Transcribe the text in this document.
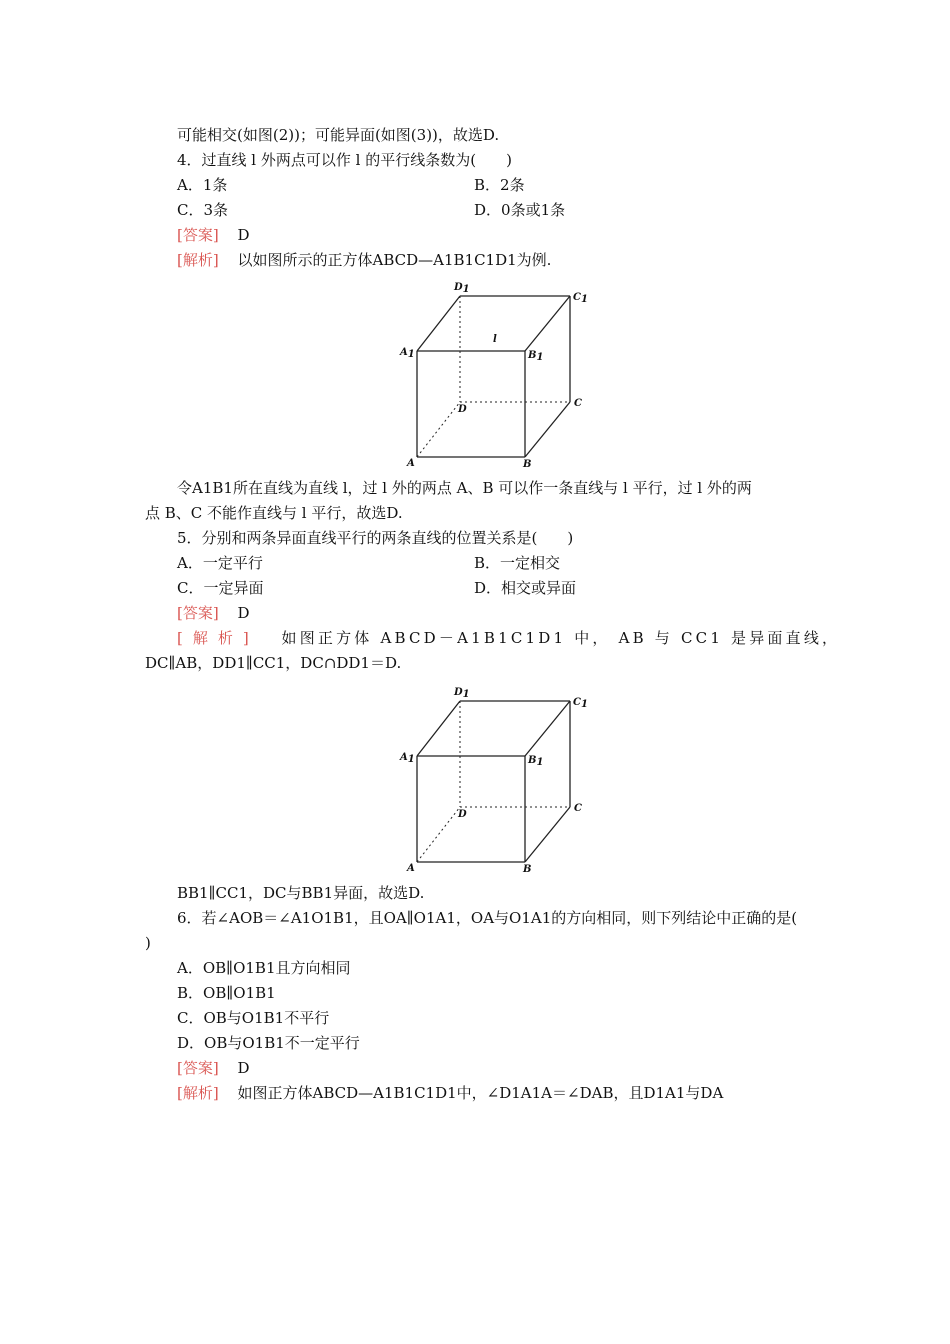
可能相交(如图(2))；可能异面(如图(3))，故选D.
4．过直线 l 外两点可以作 l 的平行线条数为(　　)
A．1条	B．2条
C．3条	D．0条或1条
[答案] D
[解析] 以如图所示的正方体ABCD—A1B1C1D1为例.
D1
C1
A1	B1
l
D
C
A	B
令A1B1所在直线为直线 l，过 l 外的两点 A、B 可以作一条直线与 l 平行，过 l 外的两
点 B、C 不能作直线与 l 平行，故选D.
5．分别和两条异面直线平行的两条直线的位置关系是(　　)
A．一定平行	B．一定相交
C．一定异面	D．相交或异面
[答案] D
[解析] 如图正方体 ABCD－A1B1C1D1 中， AB 与 CC1 是异面直线，
DC∥AB，DD1∥CC1，DC∩DD1＝D.
D1
C1
A1	B1
D
C
A	B
BB1∥CC1，DC与BB1异面，故选D.
6．若∠AOB＝∠A1O1B1，且OA∥O1A1，OA与O1A1的方向相同，则下列结论中正确的是(
)
A．OB∥O1B1且方向相同
B．OB∥O1B1
C．OB与O1B1不平行
D．OB与O1B1不一定平行
[答案] D
[解析] 如图正方体ABCD—A1B1C1D1中，∠D1A1A＝∠DAB，且D1A1与DA
